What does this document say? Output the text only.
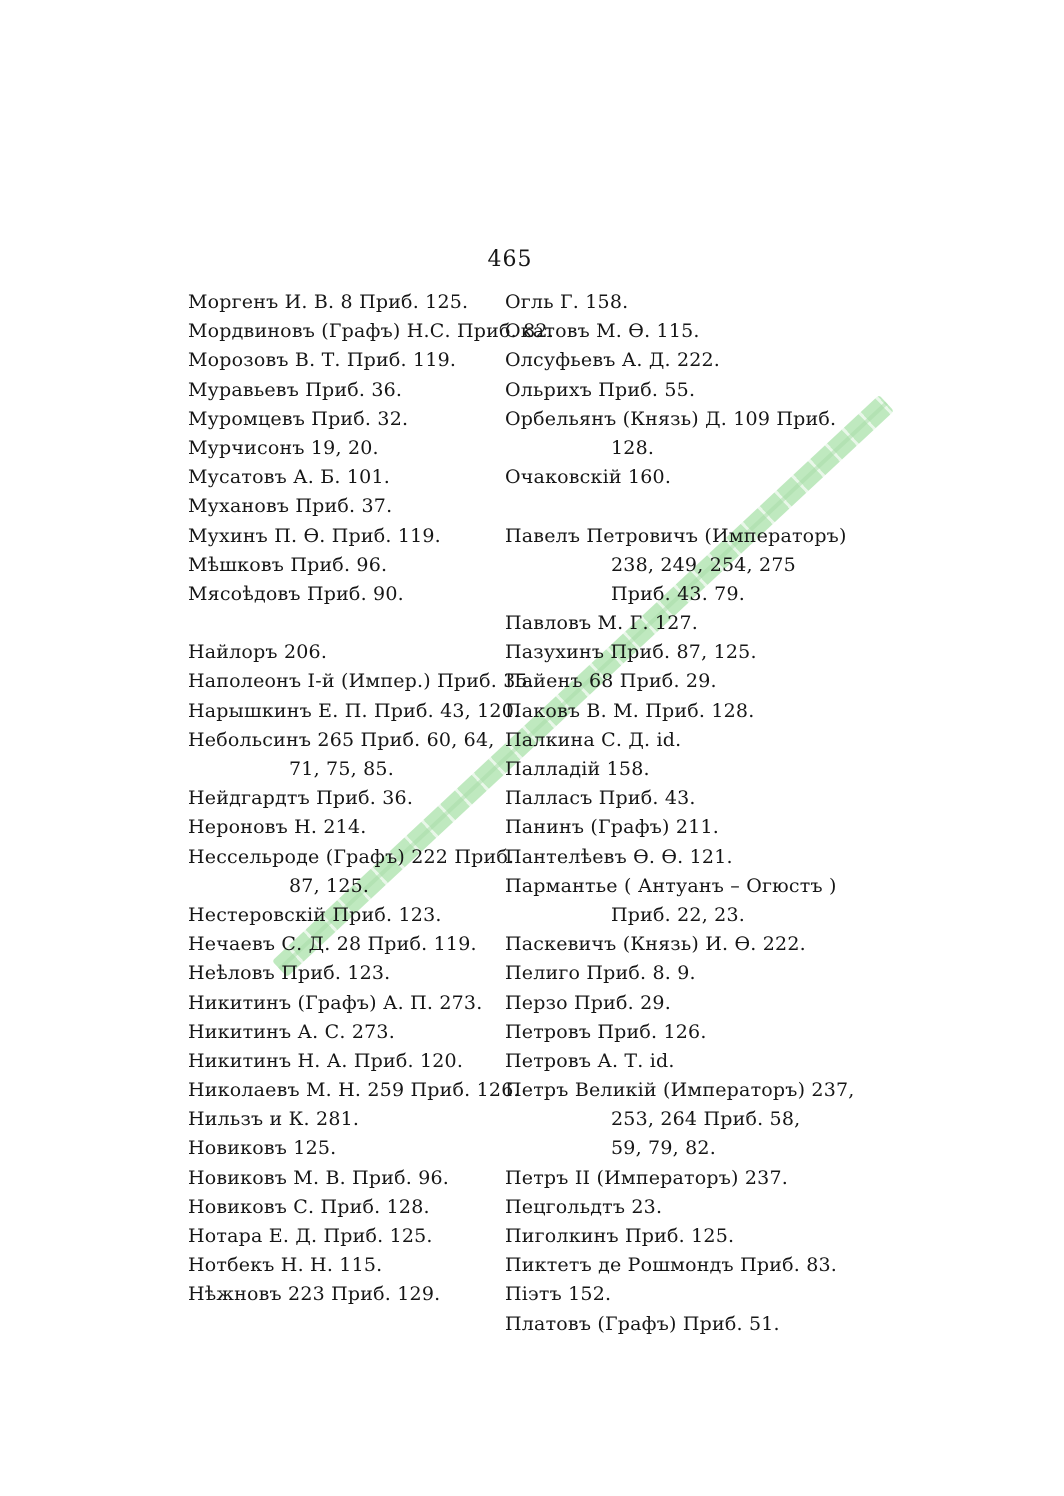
465
Моргенъ И. В. 8 Приб. 125.
Мордвиновъ (Графъ) Н.С. Приб. 82.
Морозовъ В. Т. Приб. 119.
Муравьевъ Приб. 36.
Муромцевъ Приб. 32.
Мурчисонъ 19, 20.
Мусатовъ А. Б. 101.
Мухановъ Приб. 37.
Мухинъ П. Ѳ. Приб. 119.
Мѣшковъ Приб. 96.
Мясоѣдовъ Приб. 90.
Найлоръ 206.
Наполеонъ I-й (Импер.) Приб. 35.
Нарышкинъ Е. П. Приб. 43, 120.
Небольсинъ 265 Приб. 60, 64,
71, 75, 85.
Нейдгардтъ Приб. 36.
Нероновъ Н. 214.
Нессельроде (Графъ) 222 Приб.
87, 125.
Нестеровскій Приб. 123.
Нечаевъ С. Д. 28 Приб. 119.
Неѣловъ Приб. 123.
Никитинъ (Графъ) А. П. 273.
Никитинъ А. С. 273.
Никитинъ Н. А. Приб. 120.
Николаевъ М. Н. 259 Приб. 126.
Нильзъ и К. 281.
Новиковъ 125.
Новиковъ М. В. Приб. 96.
Новиковъ С. Приб. 128.
Нотара Е. Д. Приб. 125.
Нотбекъ Н. Н. 115.
Нѣжновъ 223 Приб. 129.
Огль Г. 158.
Окатовъ М. Ѳ. 115.
Олсуфьевъ А. Д. 222.
Ольрихъ Приб. 55.
Орбельянъ (Князь) Д. 109 Приб.
128.
Очаковскій 160.
Павелъ Петровичъ (Императоръ)
238, 249, 254, 275
Приб. 43. 79.
Павловъ М. Г. 127.
Пазухинъ Приб. 87, 125.
Пайенъ 68 Приб. 29.
Паковъ В. М. Приб. 128.
Палкина С. Д. id.
Палладій 158.
Палласъ Приб. 43.
Панинъ (Графъ) 211.
Пантелѣевъ Ѳ. Ѳ. 121.
Пармантье ( Антуанъ – Огюстъ )
Приб. 22, 23.
Паскевичъ (Князь) И. Ѳ. 222.
Пелиго Приб. 8. 9.
Перзо Приб. 29.
Петровъ Приб. 126.
Петровъ А. Т. id.
Петръ Великій (Императоръ) 237,
253, 264 Приб. 58,
59, 79, 82.
Петръ II (Императоръ) 237.
Пецгольдтъ 23.
Пиголкинъ Приб. 125.
Пиктетъ де Рошмондъ Приб. 83.
Піэтъ 152.
Платовъ (Графъ) Приб. 51.
